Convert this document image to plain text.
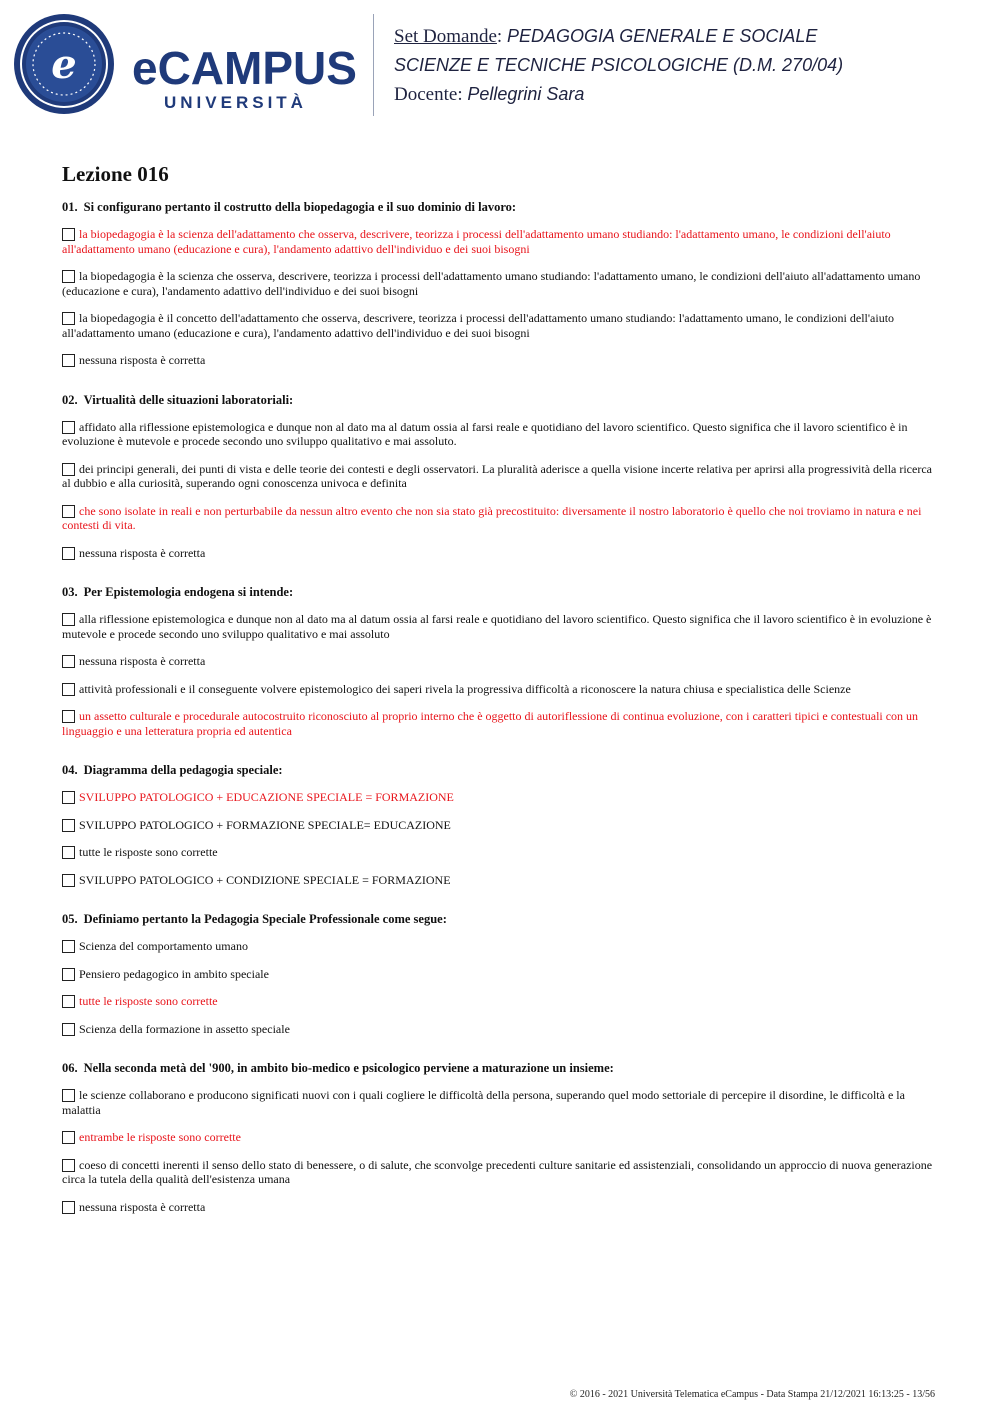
e eCAMPUS
UNIVERSITÀ
Set Domande: PEDAGOGIA GENERALE E SOCIALE
SCIENZE E TECNICHE PSICOLOGICHE (D.M. 270/04)
Docente: Pellegrini Sara
Lezione 016
01. Si configurano pertanto il costrutto della biopedagogia e il suo dominio di lavoro:
la biopedagogia è la scienza dell'adattamento che osserva, descrivere, teorizza i processi dell'adattamento umano studiando: l'adattamento umano, le condizioni dell'aiuto all'adattamento umano (educazione e cura), l'andamento adattivo dell'individuo e dei suoi bisogni
la biopedagogia è la scienza che osserva, descrivere, teorizza i processi dell'adattamento umano studiando: l'adattamento umano, le condizioni dell'aiuto all'adattamento umano (educazione e cura), l'andamento adattivo dell'individuo e dei suoi bisogni
la biopedagogia è il concetto dell'adattamento che osserva, descrivere, teorizza i processi dell'adattamento umano studiando: l'adattamento umano, le condizioni dell'aiuto all'adattamento umano (educazione e cura), l'andamento adattivo dell'individuo e dei suoi bisogni
nessuna risposta è corretta
02. Virtualità delle situazioni laboratoriali:
affidato alla riflessione epistemologica e dunque non al dato ma al datum ossia al farsi reale e quotidiano del lavoro scientifico. Questo significa che il lavoro scientifico è in evoluzione è mutevole e procede secondo uno sviluppo qualitativo e mai assoluto.
dei principi generali, dei punti di vista e delle teorie dei contesti e degli osservatori. La pluralità aderisce a quella visione incerte relativa per aprirsi alla progressività della ricerca al dubbio e alla curiosità, superando ogni conoscenza univoca e definita
che sono isolate in reali e non perturbabile da nessun altro evento che non sia stato già precostituito: diversamente il nostro laboratorio è quello che noi troviamo in natura e nei contesti di vita.
nessuna risposta è corretta
03. Per Epistemologia endogena si intende:
alla riflessione epistemologica e dunque non al dato ma al datum ossia al farsi reale e quotidiano del lavoro scientifico. Questo significa che il lavoro scientifico è in evoluzione è mutevole e procede secondo uno sviluppo qualitativo e mai assoluto
nessuna risposta è corretta
attività professionali e il conseguente volvere epistemologico dei saperi rivela la progressiva difficoltà a riconoscere la natura chiusa e specialistica delle Scienze
un assetto culturale e procedurale autocostruito riconosciuto al proprio interno che è oggetto di autoriflessione di continua evoluzione, con i caratteri tipici e contestuali con un linguaggio e una letteratura propria ed autentica
04. Diagramma della pedagogia speciale:
SVILUPPO PATOLOGICO + EDUCAZIONE SPECIALE = FORMAZIONE
SVILUPPO PATOLOGICO + FORMAZIONE SPECIALE= EDUCAZIONE
tutte le risposte sono corrette
SVILUPPO PATOLOGICO + CONDIZIONE SPECIALE = FORMAZIONE
05. Definiamo pertanto la Pedagogia Speciale Professionale come segue:
Scienza del comportamento umano
Pensiero pedagogico in ambito speciale
tutte le risposte sono corrette
Scienza della formazione in assetto speciale
06. Nella seconda metà del '900, in ambito bio-medico e psicologico perviene a maturazione un insieme:
le scienze collaborano e producono significati nuovi con i quali cogliere le difficoltà della persona, superando quel modo settoriale di percepire il disordine, le difficoltà e la malattia
entrambe le risposte sono corrette
coeso di concetti inerenti il senso dello stato di benessere, o di salute, che sconvolge precedenti culture sanitarie ed assistenziali, consolidando un approccio di nuova generazione circa la tutela della qualità dell'esistenza umana
nessuna risposta è corretta
© 2016 - 2021 Università Telematica eCampus - Data Stampa 21/12/2021 16:13:25 - 13/56
